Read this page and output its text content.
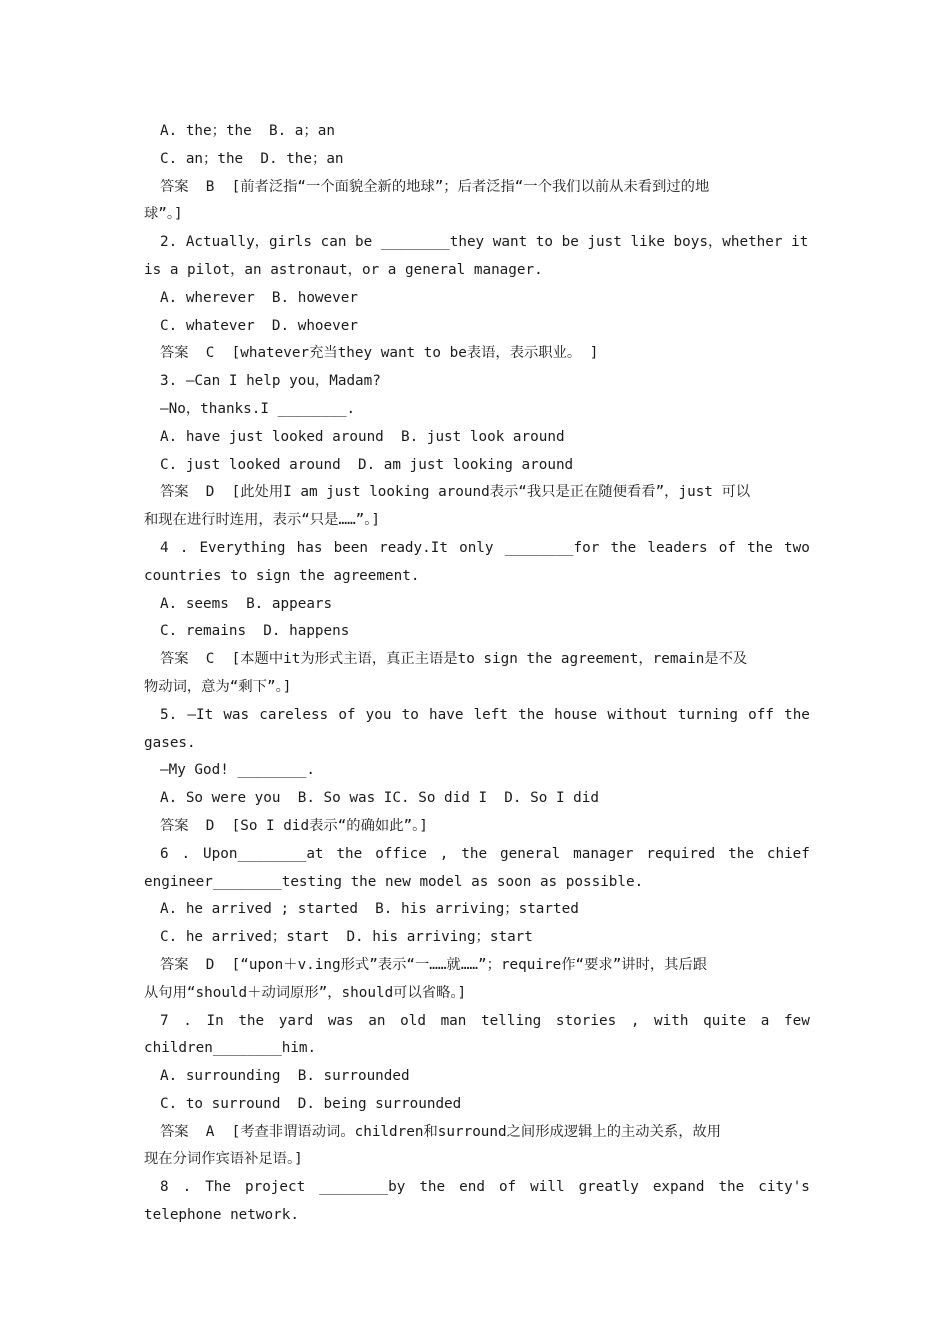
A. the；the  B. a；an
C. an；the  D. the；an
答案  B  [前者泛指“一个面貌全新的地球”；后者泛指“一个我们以前从未看到过的地
球”。]
2. Actually，girls can be ________they want to be just like boys，whether it
is a pilot，an astronaut，or a general manager.
A. wherever  B. however
C. whatever  D. whoever
答案  C  [whatever充当they want to be表语，表示职业。 ]
3. —Can I help you，Madam?
—No，thanks.I ________.
A. have just looked around  B. just look around
C. just looked around  D. am just looking around
答案  D  [此处用I am just looking around表示“我只是正在随便看看”，just 可以
和现在进行时连用，表示“只是……”。]
4 . Everything has been ready.It only ________for the leaders of the two
countries to sign the agreement.
A. seems  B. appears
C. remains  D. happens
答案  C  [本题中it为形式主语，真正主语是to sign the agreement，remain是不及
物动词，意为“剩下”。]
5. —It was careless of you to have left the house without turning off the
gases.
—My God! ________.
A. So were you  B. So was IC. So did I  D. So I did
答案  D  [So I did表示“的确如此”。]
6 . Upon________at the office , the general manager required the chief
engineer________testing the new model as soon as possible.
A. he arrived ; started  B. his arriving；started
C. he arrived；start  D. his arriving；start
答案  D  [“upon＋v.ing形式”表示“一……就……”；require作“要求”讲时，其后跟
从句用“should＋动词原形”，should可以省略。]
7 . In the yard was an old man telling stories , with quite a few
children________him.
A. surrounding  B. surrounded
C. to surround  D. being surrounded
答案  A  [考查非谓语动词。children和surround之间形成逻辑上的主动关系，故用
现在分词作宾语补足语。]
8 . The project ________by the end of will greatly expand the city's
telephone network.
